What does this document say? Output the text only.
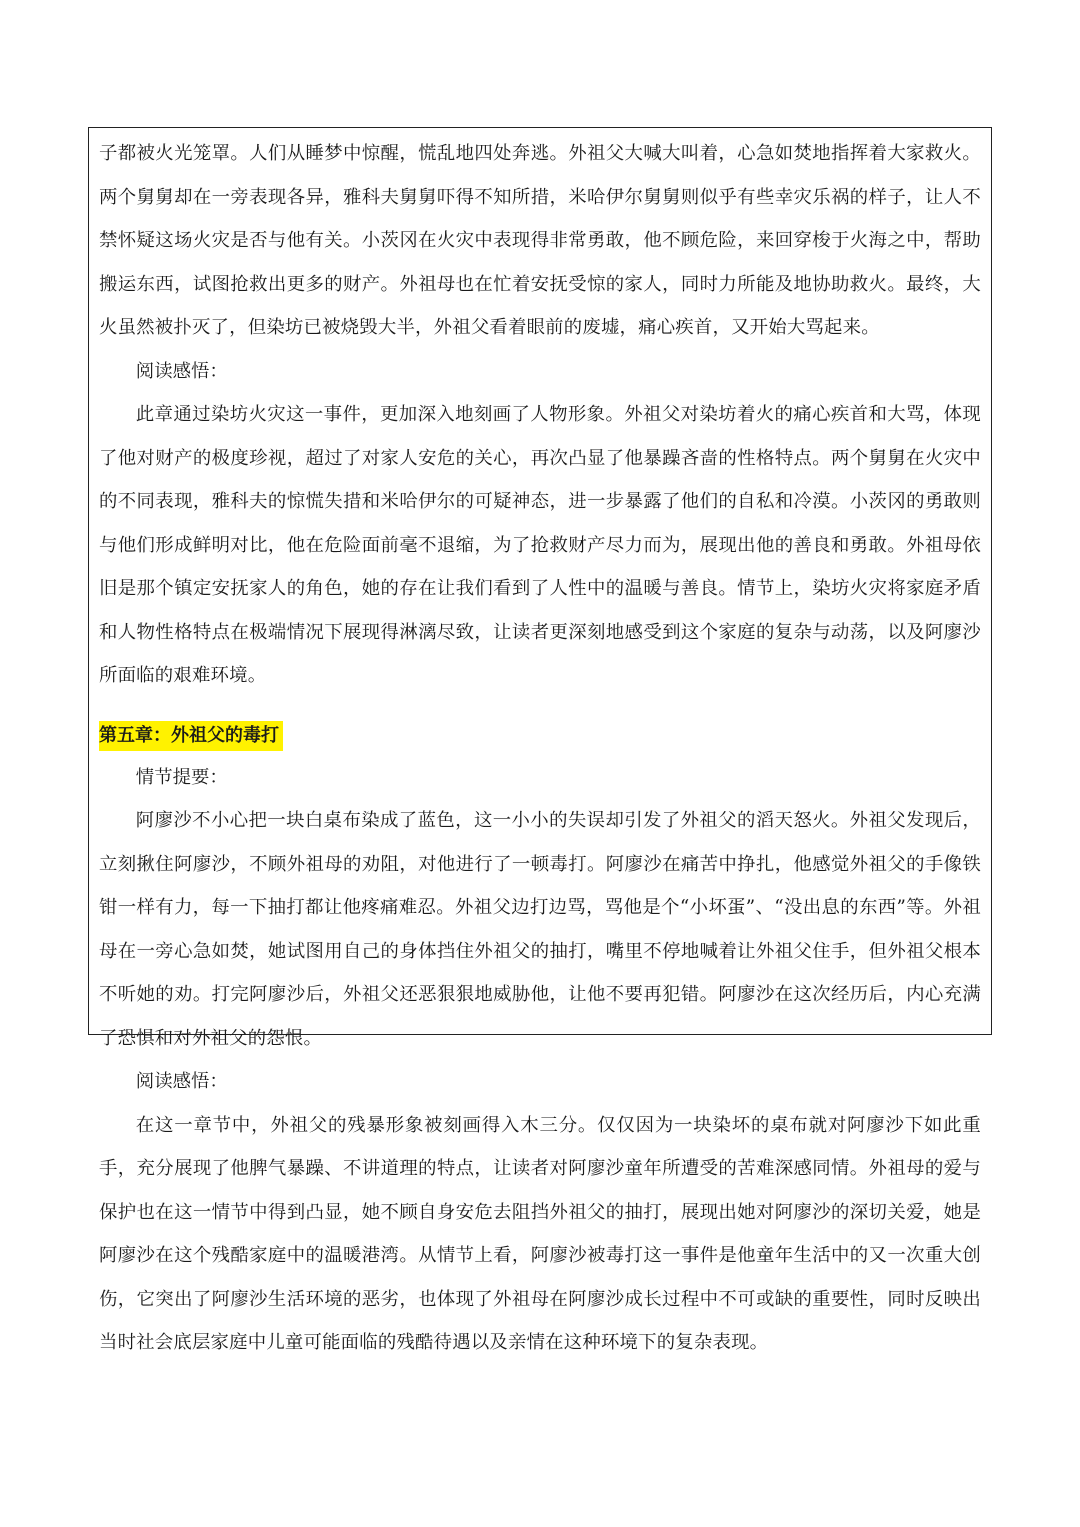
子都被火光笼罩。人们从睡梦中惊醒，慌乱地四处奔逃。外祖父大喊大叫着，心急如焚地指挥着大家救火。两个舅舅却在一旁表现各异，雅科夫舅舅吓得不知所措，米哈伊尔舅舅则似乎有些幸灾乐祸的样子，让人不禁怀疑这场火灾是否与他有关。小茨冈在火灾中表现得非常勇敢，他不顾危险，来回穿梭于火海之中，帮助搬运东西，试图抢救出更多的财产。外祖母也在忙着安抚受惊的家人，同时力所能及地协助救火。最终，大火虽然被扑灭了，但染坊已被烧毁大半，外祖父看着眼前的废墟，痛心疾首，又开始大骂起来。

阅读感悟：

此章通过染坊火灾这一事件，更加深入地刻画了人物形象。外祖父对染坊着火的痛心疾首和大骂，体现了他对财产的极度珍视，超过了对家人安危的关心，再次凸显了他暴躁吝啬的性格特点。两个舅舅在火灾中的不同表现，雅科夫的惊慌失措和米哈伊尔的可疑神态，进一步暴露了他们的自私和冷漠。小茨冈的勇敢则与他们形成鲜明对比，他在危险面前毫不退缩，为了抢救财产尽力而为，展现出他的善良和勇敢。外祖母依旧是那个镇定安抚家人的角色，她的存在让我们看到了人性中的温暖与善良。情节上，染坊火灾将家庭矛盾和人物性格特点在极端情况下展现得淋漓尽致，让读者更深刻地感受到这个家庭的复杂与动荡，以及阿廖沙所面临的艰难环境。

第五章：外祖父的毒打

情节提要：

阿廖沙不小心把一块白桌布染成了蓝色，这一小小的失误却引发了外祖父的滔天怒火。外祖父发现后，立刻揪住阿廖沙，不顾外祖母的劝阻，对他进行了一顿毒打。阿廖沙在痛苦中挣扎，他感觉外祖父的手像铁钳一样有力，每一下抽打都让他疼痛难忍。外祖父边打边骂，骂他是个“小坏蛋”、“没出息的东西”等。外祖母在一旁心急如焚，她试图用自己的身体挡住外祖父的抽打，嘴里不停地喊着让外祖父住手，但外祖父根本不听她的劝。打完阿廖沙后，外祖父还恶狠狠地威胁他，让他不要再犯错。阿廖沙在这次经历后，内心充满了恐惧和对外祖父的怨恨。

阅读感悟：

在这一章节中，外祖父的残暴形象被刻画得入木三分。仅仅因为一块染坏的桌布就对阿廖沙下如此重手，充分展现了他脾气暴躁、不讲道理的特点，让读者对阿廖沙童年所遭受的苦难深感同情。外祖母的爱与保护也在这一情节中得到凸显，她不顾自身安危去阻挡外祖父的抽打，展现出她对阿廖沙的深切关爱，她是阿廖沙在这个残酷家庭中的温暖港湾。从情节上看，阿廖沙被毒打这一事件是他童年生活中的又一次重大创伤，它突出了阿廖沙生活环境的恶劣，也体现了外祖母在阿廖沙成长过程中不可或缺的重要性，同时反映出当时社会底层家庭中儿童可能面临的残酷待遇以及亲情在这种环境下的复杂表现。
